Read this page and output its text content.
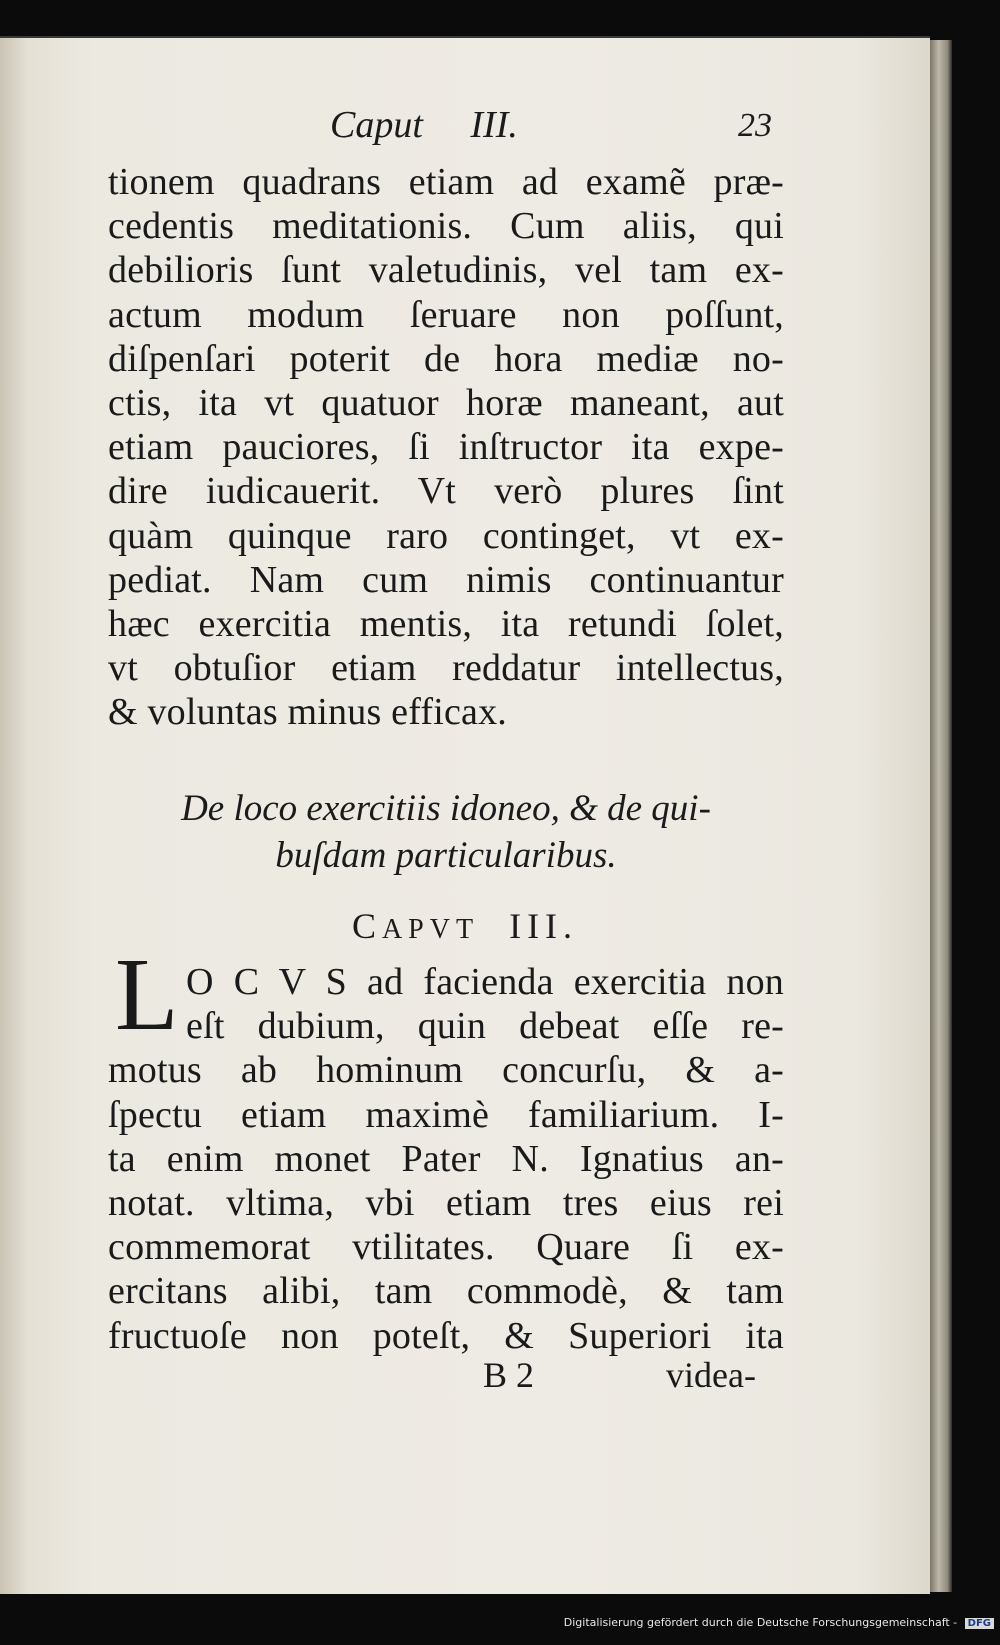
Caput     III.	23
tionem quadrans etiam ad examẽ præ-
cedentis meditationis. Cum aliis, qui
debilioris ſunt valetudinis, vel tam ex-
actum modum ſeruare non poſſunt,
diſpenſari poterit de hora mediæ no-
ctis, ita vt quatuor horæ maneant, aut
etiam pauciores, ſi inſtructor ita expe-
dire iudicauerit. Vt verò plures ſint
quàm quinque raro continget, vt ex-
pediat. Nam cum nimis continuantur
hæc exercitia mentis, ita retundi ſolet,
vt obtuſior etiam reddatur intellectus,
& voluntas minus efficax.
De loco exercitiis idoneo, & de qui-
buſdam particularibus.
CAPVT III.
L O C V S ad facienda exercitia non
eſt dubium, quin debeat eſſe re-
motus ab hominum concurſu, & a-
ſpectu etiam maximè familiarium. I-
ta enim monet Pater N. Ignatius an-
notat. vltima, vbi etiam tres eius rei
commemorat vtilitates. Quare ſi ex-
ercitans alibi, tam commodè, & tam
fructuoſe non poteſt, & Superiori ita
B 2	videa-
Digitalisierung gefördert durch die Deutsche Forschungsgemeinschaft - DFG
